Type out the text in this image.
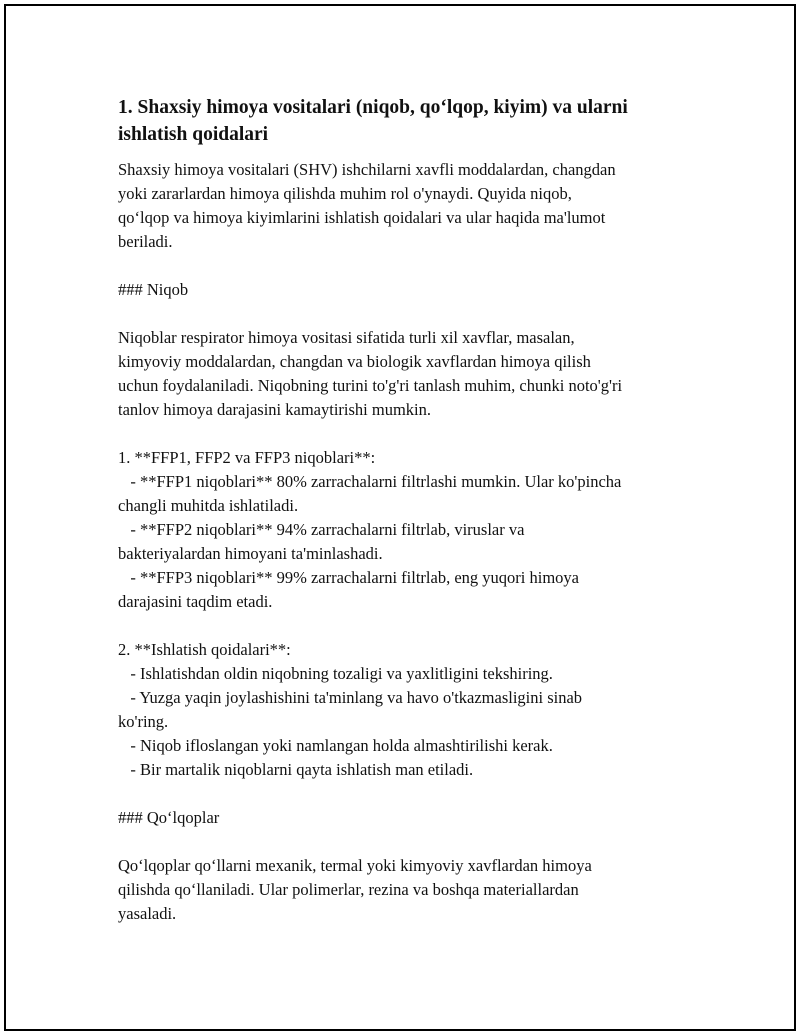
1. Shaxsiy himoya vositalari (niqob, qo‘lqop, kiyim) va ularni
ishlatish qoidalari

Shaxsiy himoya vositalari (SHV) ishchilarni xavfli moddalardan, changdan

yoki zararlardan himoya qilishda muhim rol o'ynaydi. Quyida niqob,

qo‘lqop va himoya kiyimlarini ishlatish qoidalari va ular haqida ma'lumot

beriladi.

### Niqob

Niqoblar respirator himoya vositasi sifatida turli xil xavflar, masalan,

kimyoviy moddalardan, changdan va biologik xavflardan himoya qilish

uchun foydalaniladi. Niqobning turini to'g'ri tanlash muhim, chunki noto'g'ri

tanlov himoya darajasini kamaytirishi mumkin.

1. **FFP1, FFP2 va FFP3 niqoblari**:

- **FFP1 niqoblari** 80% zarrachalarni filtrlashi mumkin. Ular ko'pincha

changli muhitda ishlatiladi.

- **FFP2 niqoblari** 94% zarrachalarni filtrlab, viruslar va

bakteriyalardan himoyani ta'minlashadi.

- **FFP3 niqoblari** 99% zarrachalarni filtrlab, eng yuqori himoya

darajasini taqdim etadi.

2. **Ishlatish qoidalari**:

- Ishlatishdan oldin niqobning tozaligi va yaxlitligini tekshiring.

- Yuzga yaqin joylashishini ta'minlang va havo o'tkazmasligini sinab

ko'ring.

- Niqob ifloslangan yoki namlangan holda almashtirilishi kerak.

- Bir martalik niqoblarni qayta ishlatish man etiladi.

### Qo‘lqoplar

Qo‘lqoplar qo‘llarni mexanik, termal yoki kimyoviy xavflardan himoya

qilishda qo‘llaniladi. Ular polimerlar, rezina va boshqa materiallardan

yasaladi.
